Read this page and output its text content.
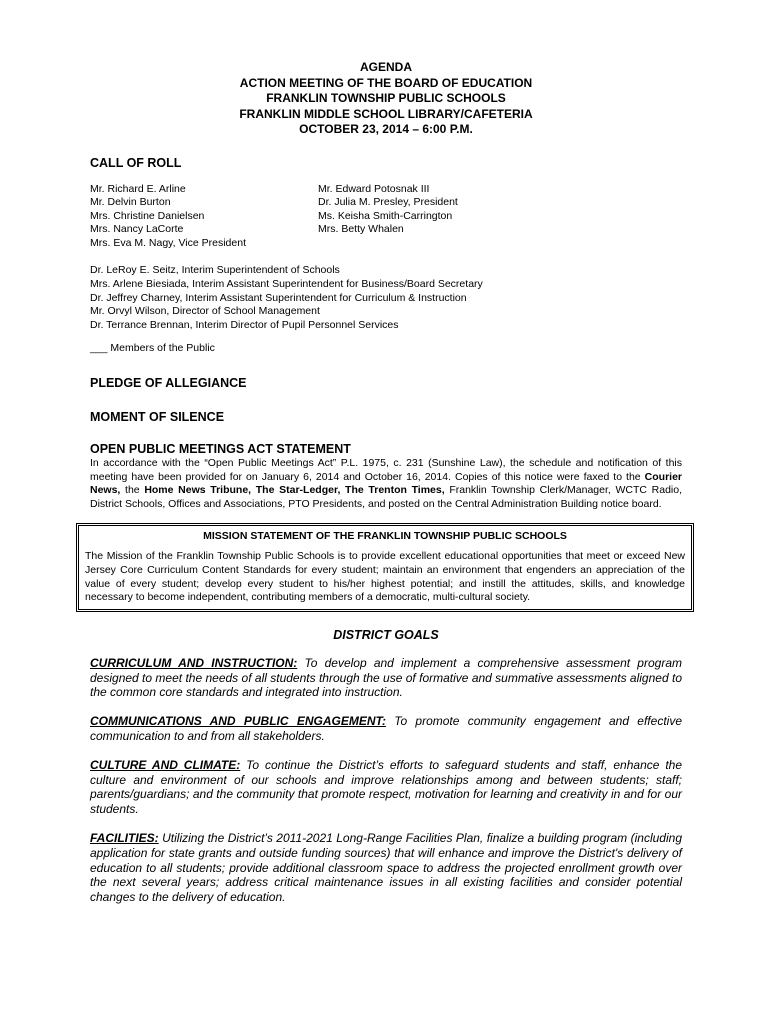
AGENDA
ACTION MEETING OF THE BOARD OF EDUCATION
FRANKLIN TOWNSHIP PUBLIC SCHOOLS
FRANKLIN MIDDLE SCHOOL LIBRARY/CAFETERIA
OCTOBER 23, 2014 – 6:00 P.M.

CALL OF ROLL

Mr. Richard E. Arline
Mr. Delvin Burton
Mrs. Christine Danielsen
Mrs. Nancy LaCorte
Mrs. Eva M. Nagy, Vice President
Mr. Edward Potosnak III
Dr. Julia M. Presley, President
Ms. Keisha Smith-Carrington
Mrs. Betty Whalen
Dr. LeRoy E. Seitz, Interim Superintendent of Schools
Mrs. Arlene Biesiada, Interim Assistant Superintendent for Business/Board Secretary
Dr. Jeffrey Charney, Interim Assistant Superintendent for Curriculum & Instruction
Mr. Orvyl Wilson, Director of School Management
Dr. Terrance Brennan, Interim Director of Pupil Personnel Services
___ Members of the Public

PLEDGE OF ALLEGIANCE

MOMENT OF SILENCE

OPEN PUBLIC MEETINGS ACT STATEMENT

In accordance with the “Open Public Meetings Act” P.L. 1975, c. 231 (Sunshine Law), the schedule and notification of this meeting have been provided for on January 6, 2014 and October 16, 2014. Copies of this notice were faxed to the Courier News, the Home News Tribune, The Star-Ledger, The Trenton Times, Franklin Township Clerk/Manager, WCTC Radio, District Schools, Offices and Associations, PTO Presidents, and posted on the Central Administration Building notice board.
MISSION STATEMENT OF THE FRANKLIN TOWNSHIP PUBLIC SCHOOLS
The Mission of the Franklin Township Public Schools is to provide excellent educational opportunities that meet or exceed New Jersey Core Curriculum Content Standards for every student; maintain an environment that engenders an appreciation of the value of every student; develop every student to his/her highest potential; and instill the attitudes, skills, and knowledge necessary to become independent, contributing members of a democratic, multi-cultural society.
DISTRICT GOALS
CURRICULUM AND INSTRUCTION: To develop and implement a comprehensive assessment program designed to meet the needs of all students through the use of formative and summative assessments aligned to the common core standards and integrated into instruction.
COMMUNICATIONS AND PUBLIC ENGAGEMENT: To promote community engagement and effective communication to and from all stakeholders.
CULTURE AND CLIMATE: To continue the District’s efforts to safeguard students and staff, enhance the culture and environment of our schools and improve relationships among and between students; staff; parents/guardians; and the community that promote respect, motivation for learning and creativity in and for our students.
FACILITIES: Utilizing the District’s 2011-2021 Long-Range Facilities Plan, finalize a building program (including application for state grants and outside funding sources) that will enhance and improve the District's delivery of education to all students; provide additional classroom space to address the projected enrollment growth over the next several years; address critical maintenance issues in all existing facilities and consider potential changes to the delivery of education.
